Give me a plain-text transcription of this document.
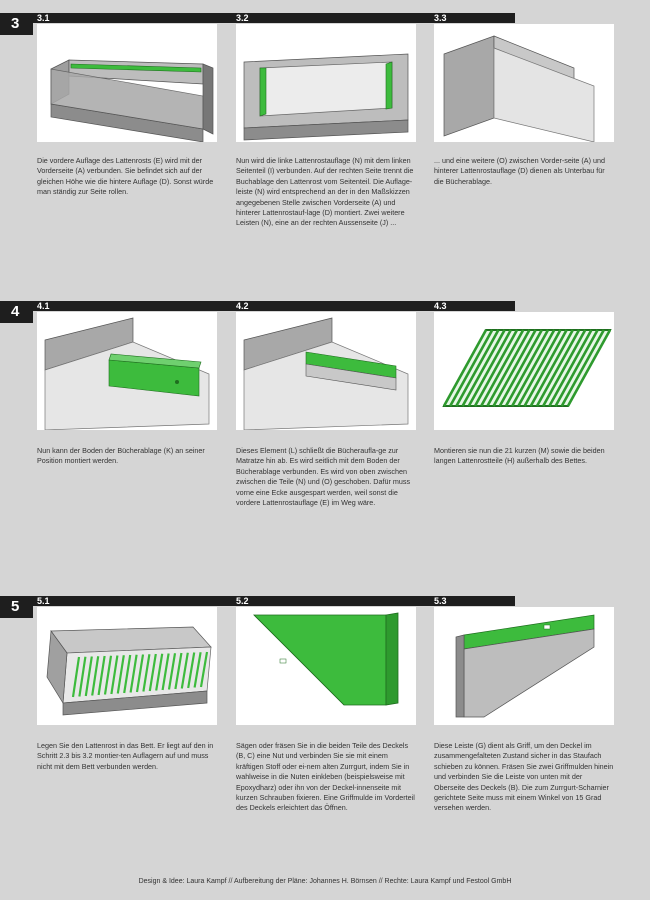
3 3.1	3.2	3.3
Die vordere Auflage des Lattenrosts (E) wird mit der Vorderseite (A) verbunden. Sie befindet sich auf der gleichen Höhe wie die hintere Auflage (D). Sonst würde man ständig zur Seite rollen.
Nun wird die linke Lattenrostauflage (N) mit dem linken Seitenteil (I) verbunden. Auf der rechten Seite trennt die Buchablage den Lattenrost vom Seitenteil. Die Auflage-leiste (N) wird entsprechend an der in den Maßskizzen angegebenen Stelle zwischen Vorderseite (A) und hinterer Lattenrostauf-lage (D) montiert. Zwei weitere Leisten (N), eine an der rechten Aussenseite (J) ...
... und eine weitere (O) zwischen Vorder-seite (A) und hinterer Lattenrostauflage (D) dienen als Unterbau für die Bücherablage.
4 4.1	4.2	4.3
Nun kann der Boden der Bücherablage (K) an seiner Position montiert werden.
Dieses Element (L) schließt die Bücheraufla-ge zur Matratze hin ab. Es wird seitlich mit dem Boden der Bücherablage verbunden. Es wird von oben zwischen zwischen die Teile (N) und (O) geschoben. Dafür muss vorne eine Ecke ausgespart werden, weil sonst die vordere Lattenrostauflage (E) im Weg wäre.
Montieren sie nun die 21 kurzen (M) sowie die beiden langen Lattenrostteile (H) außerhalb des Bettes.
5 5.1	5.2	5.3
Legen Sie den Lattenrost in das Bett. Er liegt auf den in Schritt 2.3 bis 3.2 montier-ten Auflagern auf und muss nicht mit dem Bett verbunden werden.
Sägen oder fräsen Sie in die beiden Teile des Deckels (B, C) eine Nut und verbinden Sie sie mit einem kräftigen Stoff oder ei-nem alten Zurrgurt, indem Sie in wahlweise in die Nuten einkleben (beispielsweise mit Epoxydharz) oder ihn von der Deckel-innenseite mit kurzen Schrauben fixieren. Eine Griffmulde im Vorderteil des Deckels erleichtert das Öffnen.
Diese Leiste (G) dient als Griff, um den Deckel im zusammengefalteten Zustand sicher in das Staufach schieben zu können. Fräsen Sie zwei Griffmulden hinein und verbinden Sie die Leiste von unten mit der Oberseite des Deckels (B). Die zum Zurrgurt-Scharnier gerichtete Seite muss mit einem Winkel von 15 Grad versehen werden.
Design & Idee: Laura Kampf // Aufbereitung der Pläne: Johannes H. Börnsen // Rechte: Laura Kampf und Festool GmbH
